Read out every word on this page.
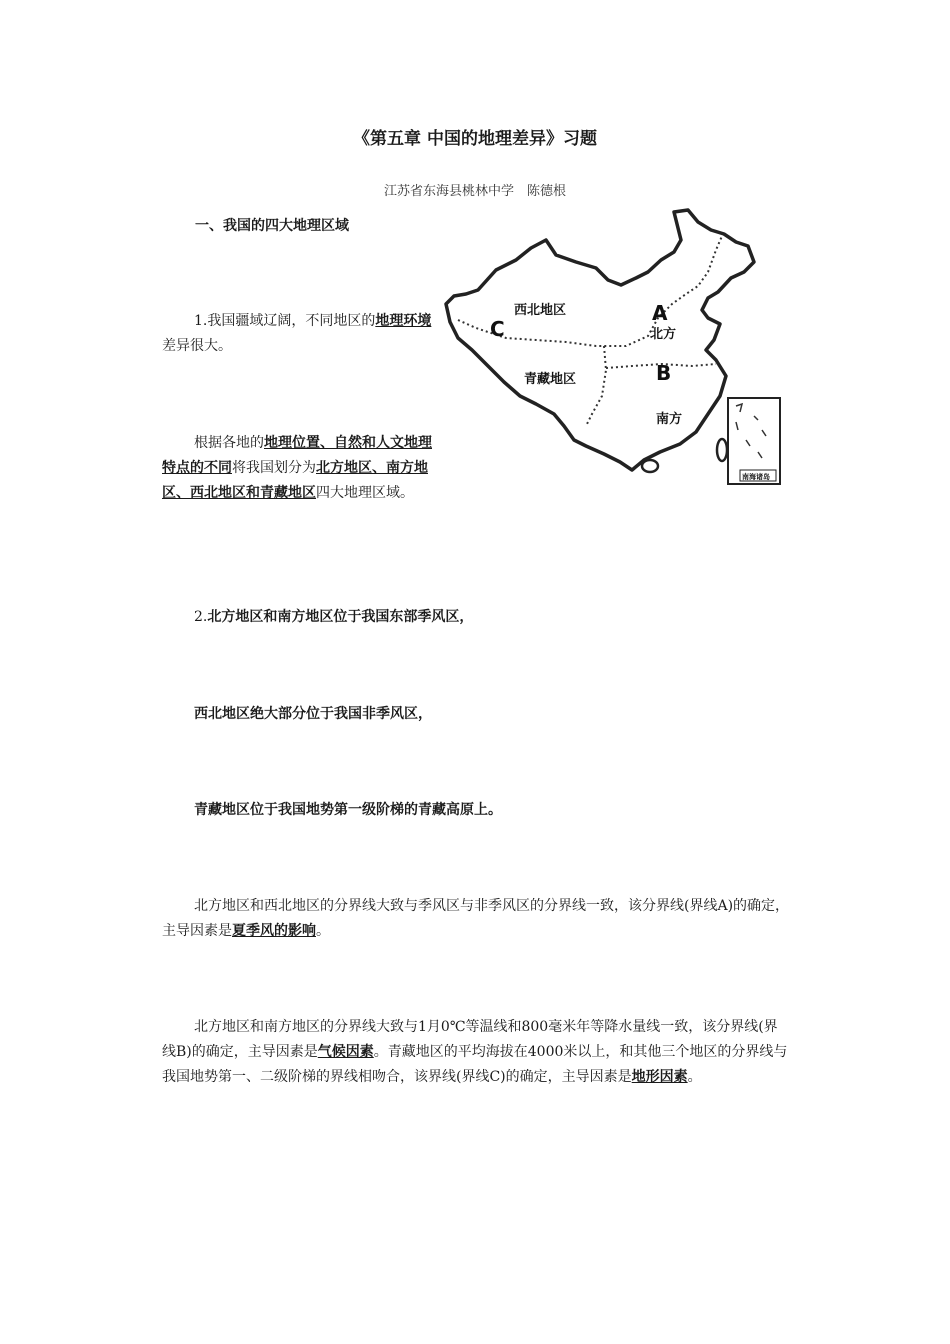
《第五章 中国的地理差异》习题
江苏省东海县桃林中学　陈德根
一、我国的四大地理区域
西北地区
青藏地区
北方
南方
A
B
C
南海诸岛
1.我国疆域辽阔，不同地区的地理环境差异很大。
根据各地的地理位置、自然和人文地理特点的不同将我国划分为北方地区、南方地区、西北地区和青藏地区四大地理区域。
2.北方地区和南方地区位于我国东部季风区，
西北地区绝大部分位于我国非季风区，
青藏地区位于我国地势第一级阶梯的青藏高原上。
北方地区和西北地区的分界线大致与季风区与非季风区的分界线一致，该分界线(界线A)的确定，主导因素是夏季风的影响。
北方地区和南方地区的分界线大致与1月0℃等温线和800毫米年等降水量线一致，该分界线(界线B)的确定，主导因素是气候因素。青藏地区的平均海拔在4000米以上，和其他三个地区的分界线与我国地势第一、二级阶梯的界线相吻合，该界线(界线C)的确定，主导因素是地形因素。
